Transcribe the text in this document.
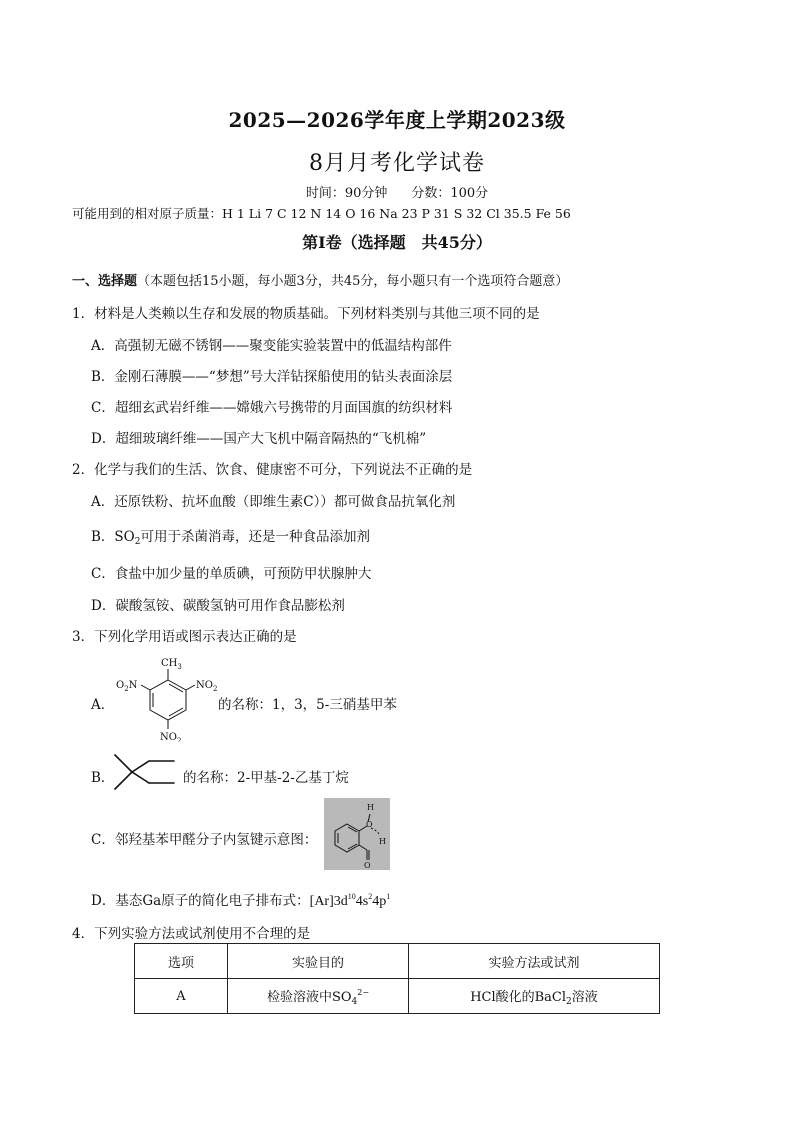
2025—2026学年度上学期2023级
8月月考化学试卷
时间：90分钟 分数：100分
可能用到的相对原子质量：H 1 Li 7 C 12 N 14 O 16 Na 23 P 31 S 32 Cl 35.5 Fe 56
第Ⅰ卷（选择题　共45分）
一、选择题（本题包括15小题，每小题3分，共45分，每小题只有一个选项符合题意）
1．材料是人类赖以生存和发展的物质基础。下列材料类别与其他三项不同的是
A．高强韧无磁不锈钢——聚变能实验装置中的低温结构部件
B．金刚石薄膜——“梦想”号大洋钻探船使用的钻头表面涂层
C．超细玄武岩纤维——嫦娥六号携带的月面国旗的纺织材料
D．超细玻璃纤维——国产大飞机中隔音隔热的“飞机棉”
2．化学与我们的生活、饮食、健康密不可分，下列说法不正确的是
A．还原铁粉、抗坏血酸（即维生素C））都可做食品抗氧化剂
B．$SO_2$可用于杀菌消毒，还是一种食品添加剂
C．食盐中加少量的单质碘，可预防甲状腺肿大
D．碳酸氢铵、碳酸氢钠可用作食品膨松剂
3．下列化学用语或图示表达正确的是
A．
$CH_3$
$NO_2$
$O_2N$
$NO_2$
的名称：1，3，5-三硝基甲苯
B．	的名称：2-甲基-2-乙基丁烷
C．邻羟基苯甲醛分子内氢键示意图：
H
O
H
O
D．基态Ga原子的简化电子排布式：$[Ar]3d^{10}4s^24p^1$
4．下列实验方法或试剂使用不合理的是
选项	实验目的	实验方法或试剂
A	检验溶液中$SO_4^{2-}$	HCl酸化的BaCl$_2$溶液
